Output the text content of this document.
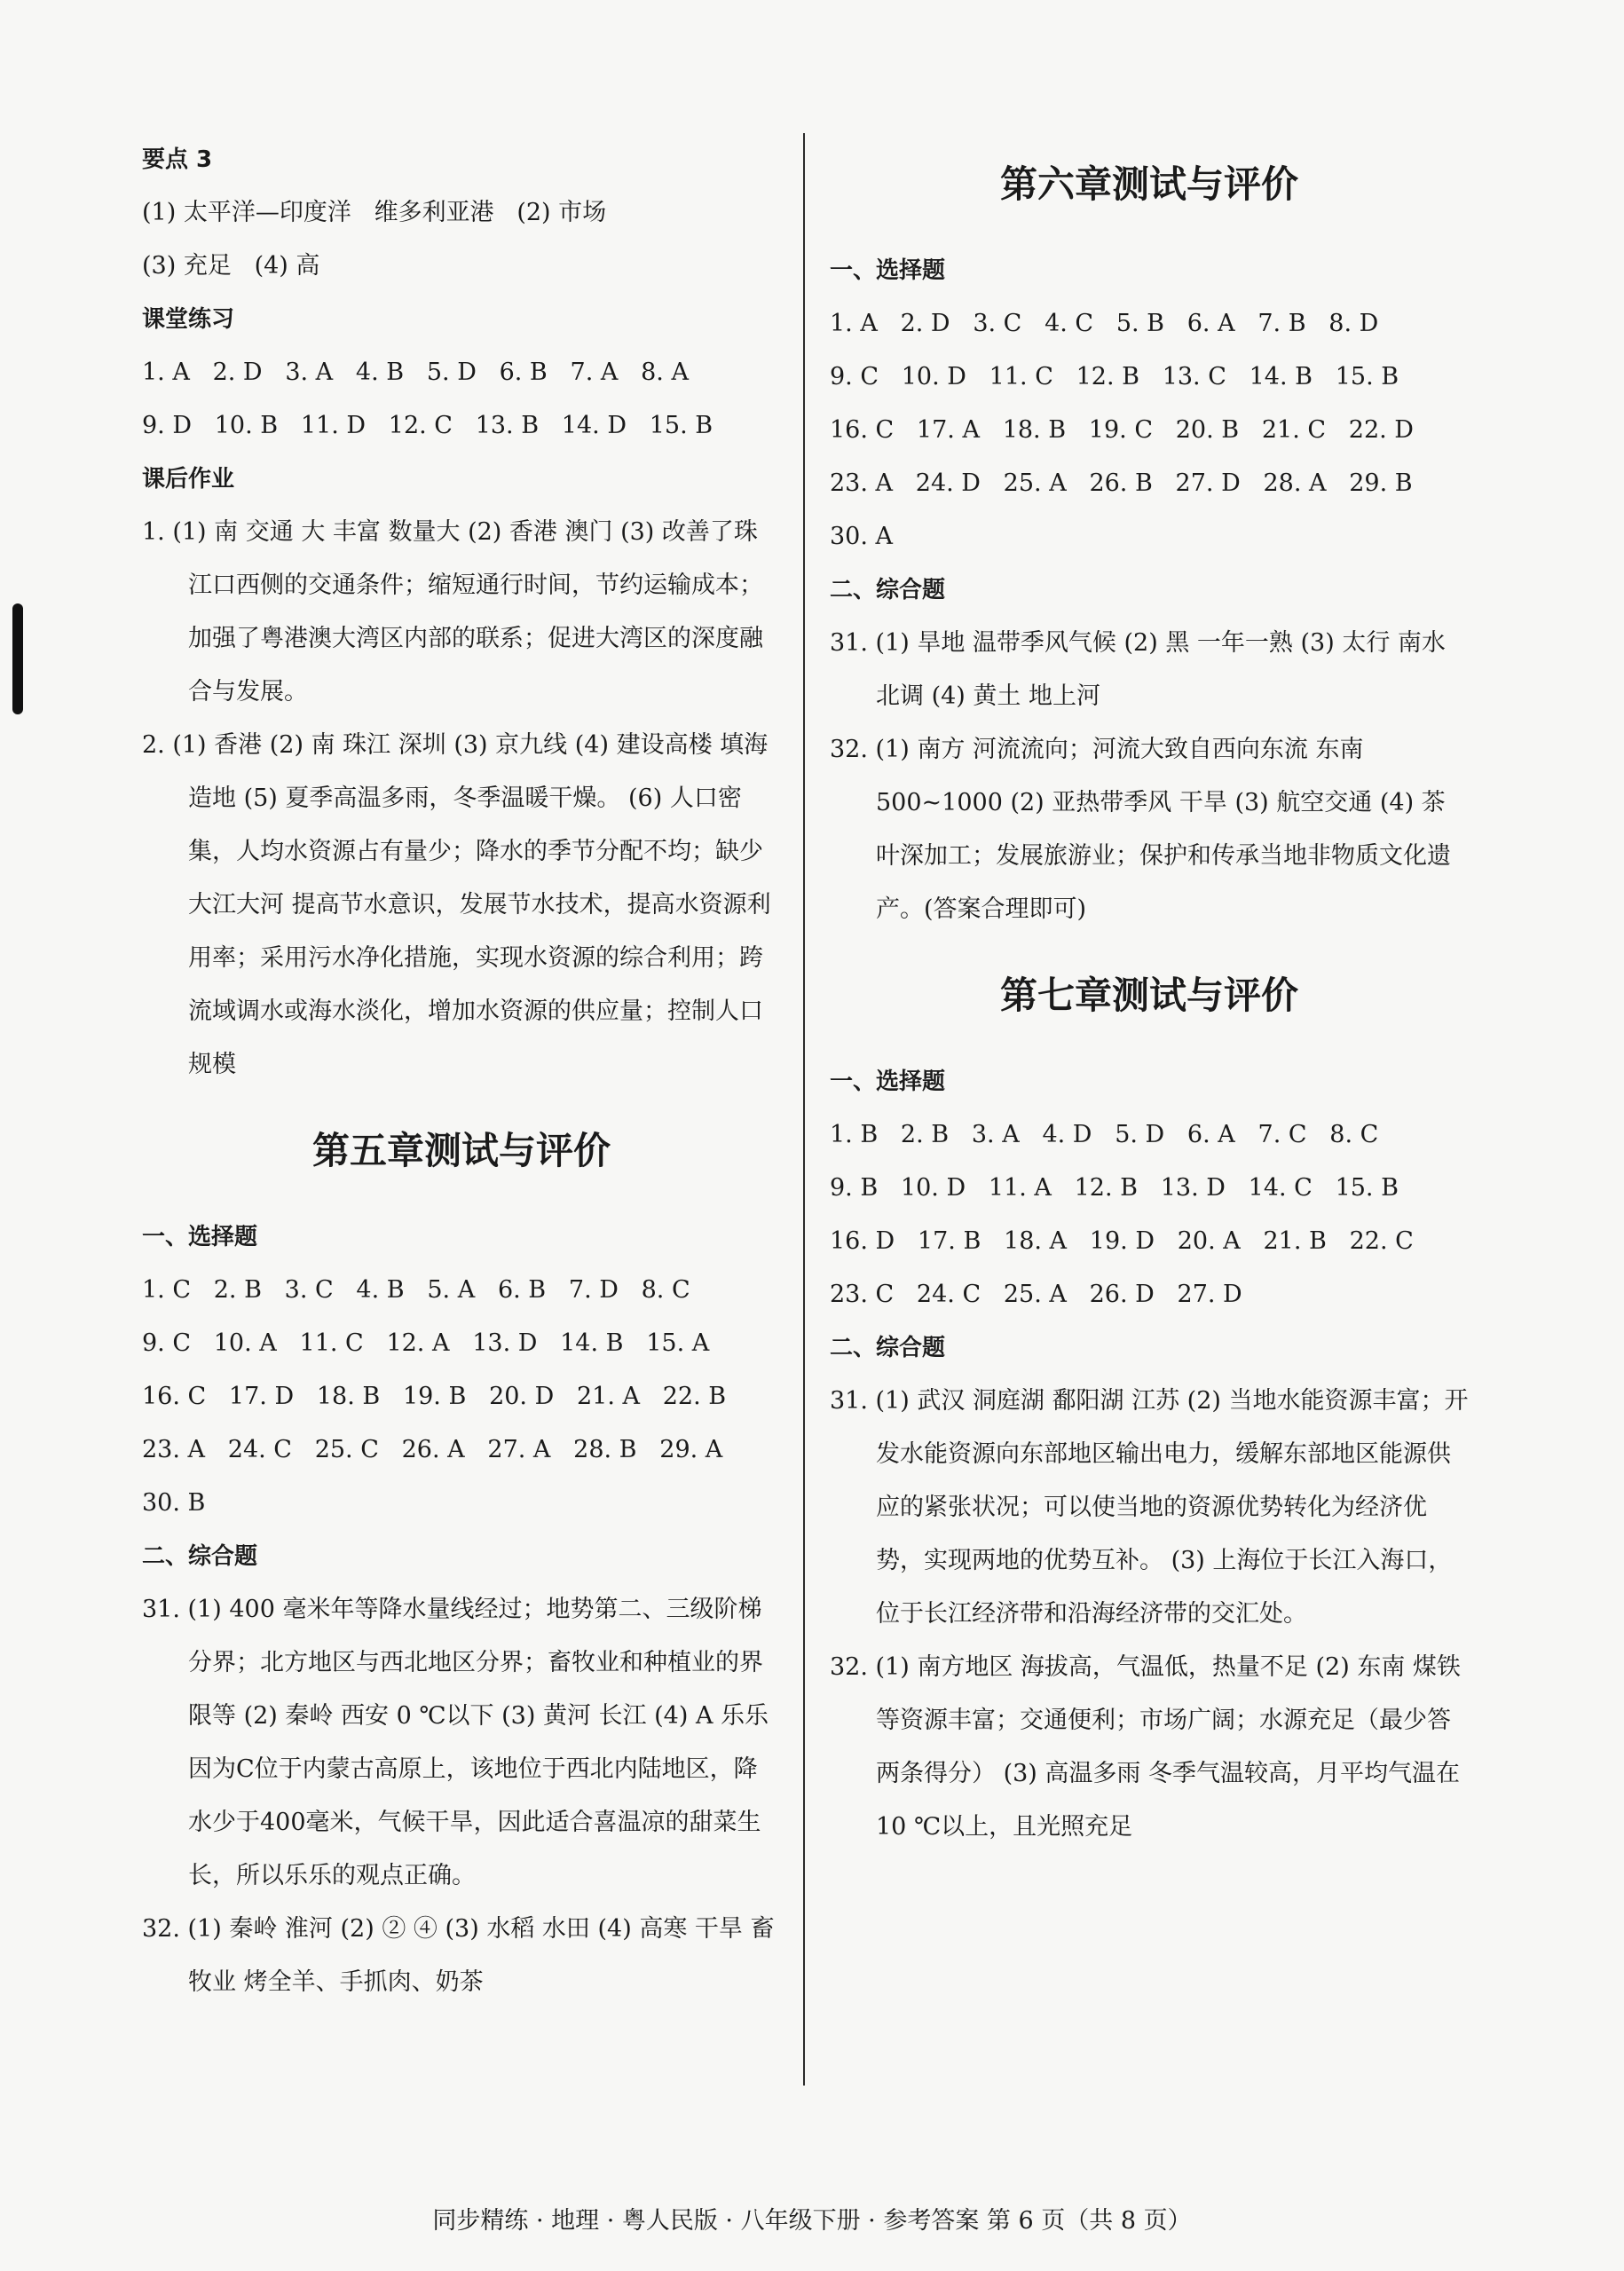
要点 3

(1) 太平洋—印度洋   维多利亚港   (2) 市场

(3) 充足   (4) 高

课堂练习

1. A   2. D   3. A   4. B   5. D   6. B   7. A   8. A

9. D   10. B   11. D   12. C   13. B   14. D   15. B

课后作业

1. (1) 南 交通 大 丰富 数量大 (2) 香港 澳门 (3) 改善了珠江口西侧的交通条件；缩短通行时间，节约运输成本；加强了粤港澳大湾区内部的联系；促进大湾区的深度融合与发展。

2. (1) 香港 (2) 南 珠江 深圳 (3) 京九线 (4) 建设高楼 填海造地 (5) 夏季高温多雨，冬季温暖干燥。 (6) 人口密集，人均水资源占有量少；降水的季节分配不均；缺少大江大河 提高节水意识，发展节水技术，提高水资源利用率；采用污水净化措施，实现水资源的综合利用；跨流域调水或海水淡化，增加水资源的供应量；控制人口规模

第五章测试与评价

一、选择题

1. C   2. B   3. C   4. B   5. A   6. B   7. D   8. C

9. C   10. A   11. C   12. A   13. D   14. B   15. A

16. C   17. D   18. B   19. B   20. D   21. A   22. B

23. A   24. C   25. C   26. A   27. A   28. B   29. A

30. B

二、综合题

31. (1) 400 毫米年等降水量线经过；地势第二、三级阶梯分界；北方地区与西北地区分界；畜牧业和种植业的界限等 (2) 秦岭 西安 0 ℃以下 (3) 黄河 长江 (4) A 乐乐 因为C位于内蒙古高原上，该地位于西北内陆地区，降水少于400毫米，气候干旱，因此适合喜温凉的甜菜生长，所以乐乐的观点正确。

32. (1) 秦岭 淮河 (2) ② ④ (3) 水稻 水田 (4) 高寒 干旱 畜牧业 烤全羊、手抓肉、奶茶

第六章测试与评价

一、选择题

1. A   2. D   3. C   4. C   5. B   6. A   7. B   8. D

9. C   10. D   11. C   12. B   13. C   14. B   15. B

16. C   17. A   18. B   19. C   20. B   21. C   22. D

23. A   24. D   25. A   26. B   27. D   28. A   29. B

30. A

二、综合题

31. (1) 旱地 温带季风气候 (2) 黑 一年一熟 (3) 太行 南水北调 (4) 黄土 地上河

32. (1) 南方 河流流向；河流大致自西向东流 东南 500~1000 (2) 亚热带季风 干旱 (3) 航空交通 (4) 茶叶深加工；发展旅游业；保护和传承当地非物质文化遗产。(答案合理即可)

第七章测试与评价

一、选择题

1. B   2. B   3. A   4. D   5. D   6. A   7. C   8. C

9. B   10. D   11. A   12. B   13. D   14. C   15. B

16. D   17. B   18. A   19. D   20. A   21. B   22. C

23. C   24. C   25. A   26. D   27. D

二、综合题

31. (1) 武汉 洞庭湖 鄱阳湖 江苏 (2) 当地水能资源丰富；开发水能资源向东部地区输出电力，缓解东部地区能源供应的紧张状况；可以使当地的资源优势转化为经济优势，实现两地的优势互补。 (3) 上海位于长江入海口，位于长江经济带和沿海经济带的交汇处。

32. (1) 南方地区 海拔高，气温低，热量不足 (2) 东南 煤铁等资源丰富；交通便利；市场广阔；水源充足（最少答两条得分） (3) 高温多雨 冬季气温较高，月平均气温在 10 ℃以上，且光照充足

同步精练 · 地理 · 粤人民版 · 八年级下册 · 参考答案 第 6 页（共 8 页）
